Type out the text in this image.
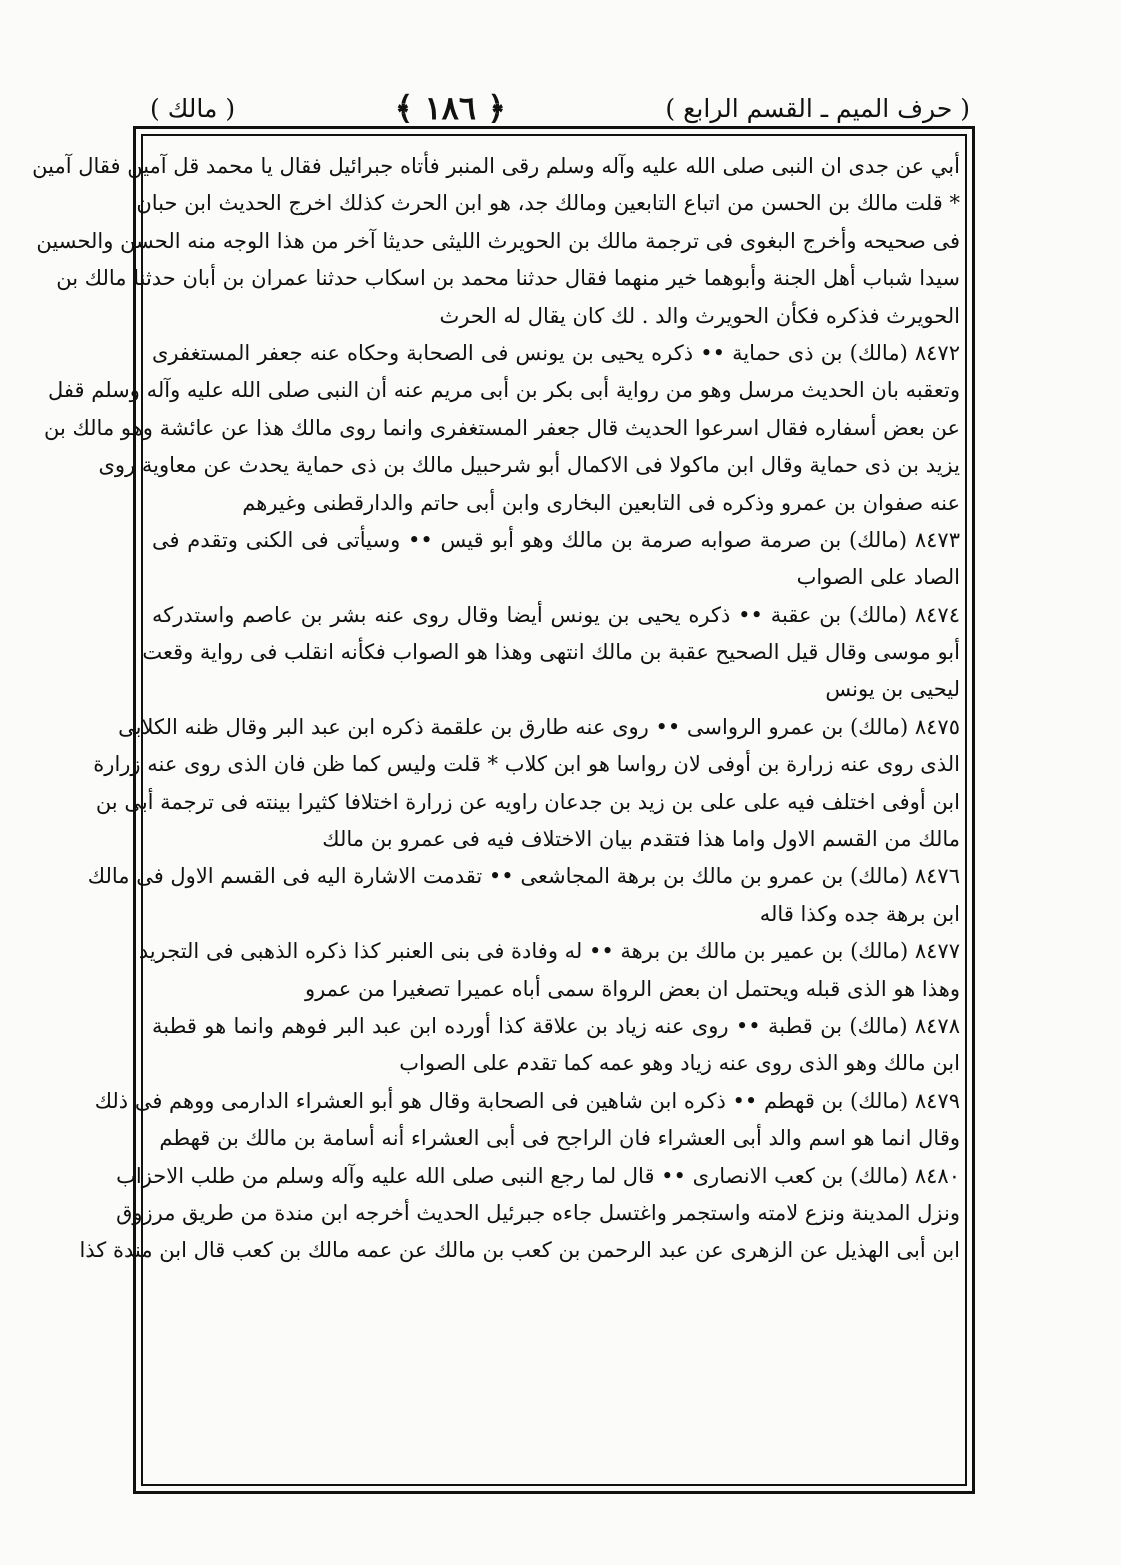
( حرف الميم ـ القسم الرابع )
﴿ ١٨٦ ﴾
( مالك )
أبي عن جدى ان النبى صلى الله عليه وآله وسلم رقى المنبر فأتاه جبرائيل فقال يا محمد قل آمين فقال آمين
* قلت مالك بن الحسن من اتباع التابعين ومالك جد، هو ابن الحرث كذلك اخرج الحديث ابن حبان
فى صحيحه وأخرج البغوى فى ترجمة مالك بن الحويرث الليثى حديثا آخر من هذا الوجه منه الحسن والحسين
سيدا شباب أهل الجنة وأبوهما خير منهما فقال حدثنا محمد بن اسكاب حدثنا عمران بن أبان حدثنا مالك بن
الحويرث فذكره فكأن الحويرث والد . لك كان يقال له الحرث
٨٤٧٢ (مالك) بن ذى حماية •• ذكره يحيى بن يونس فى الصحابة وحكاه عنه جعفر المستغفرى
وتعقبه بان الحديث مرسل وهو من رواية أبى بكر بن أبى مريم عنه أن النبى صلى الله عليه وآله وسلم قفل
عن بعض أسفاره فقال اسرعوا الحديث قال جعفر المستغفرى وانما روى مالك هذا عن عائشة وهو مالك بن
يزيد بن ذى حماية وقال ابن ماكولا فى الاكمال أبو شرحبيل مالك بن ذى حماية يحدث عن معاوية روى
عنه صفوان بن عمرو وذكره فى التابعين البخارى وابن أبى حاتم والدارقطنى وغيرهم
٨٤٧٣ (مالك) بن صرمة صوابه صرمة بن مالك وهو أبو قيس •• وسيأتى فى الكنى وتقدم فى
الصاد على الصواب
٨٤٧٤ (مالك) بن عقبة •• ذكره يحيى بن يونس أيضا وقال روى عنه بشر بن عاصم واستدركه
أبو موسى وقال قيل الصحيح عقبة بن مالك انتهى وهذا هو الصواب فكأنه انقلب فى رواية وقعت
ليحيى بن يونس
٨٤٧٥ (مالك) بن عمرو الرواسى •• روى عنه طارق بن علقمة ذكره ابن عبد البر وقال ظنه الكلابى
الذى روى عنه زرارة بن أوفى لان رواسا هو ابن كلاب * قلت وليس كما ظن فان الذى روى عنه زرارة
ابن أوفى اختلف فيه على على بن زيد بن جدعان راويه عن زرارة اختلافا كثيرا بينته فى ترجمة أبى بن
مالك من القسم الاول واما هذا فتقدم بيان الاختلاف فيه فى عمرو بن مالك
٨٤٧٦ (مالك) بن عمرو بن مالك بن برهة المجاشعى •• تقدمت الاشارة اليه فى القسم الاول فى مالك
ابن برهة جده وكذا قاله
٨٤٧٧ (مالك) بن عمير بن مالك بن برهة •• له وفادة فى بنى العنبر كذا ذكره الذهبى فى التجريد
وهذا هو الذى قبله ويحتمل ان بعض الرواة سمى أباه عميرا تصغيرا من عمرو
٨٤٧٨ (مالك) بن قطبة •• روى عنه زياد بن علاقة كذا أورده ابن عبد البر فوهم وانما هو قطبة
ابن مالك وهو الذى روى عنه زياد وهو عمه كما تقدم على الصواب
٨٤٧٩ (مالك) بن قهطم •• ذكره ابن شاهين فى الصحابة وقال هو أبو العشراء الدارمى ووهم فى ذلك
وقال انما هو اسم والد أبى العشراء فان الراجح فى أبى العشراء أنه أسامة بن مالك بن قهطم
٨٤٨٠ (مالك) بن كعب الانصارى •• قال لما رجع النبى صلى الله عليه وآله وسلم من طلب الاحزاب
ونزل المدينة ونزع لامته واستجمر واغتسل جاءه جبرئيل الحديث أخرجه ابن مندة من طريق مرزوق
ابن أبى الهذيل عن الزهرى عن عبد الرحمن بن كعب بن مالك عن عمه مالك بن كعب قال ابن مندة كذا
